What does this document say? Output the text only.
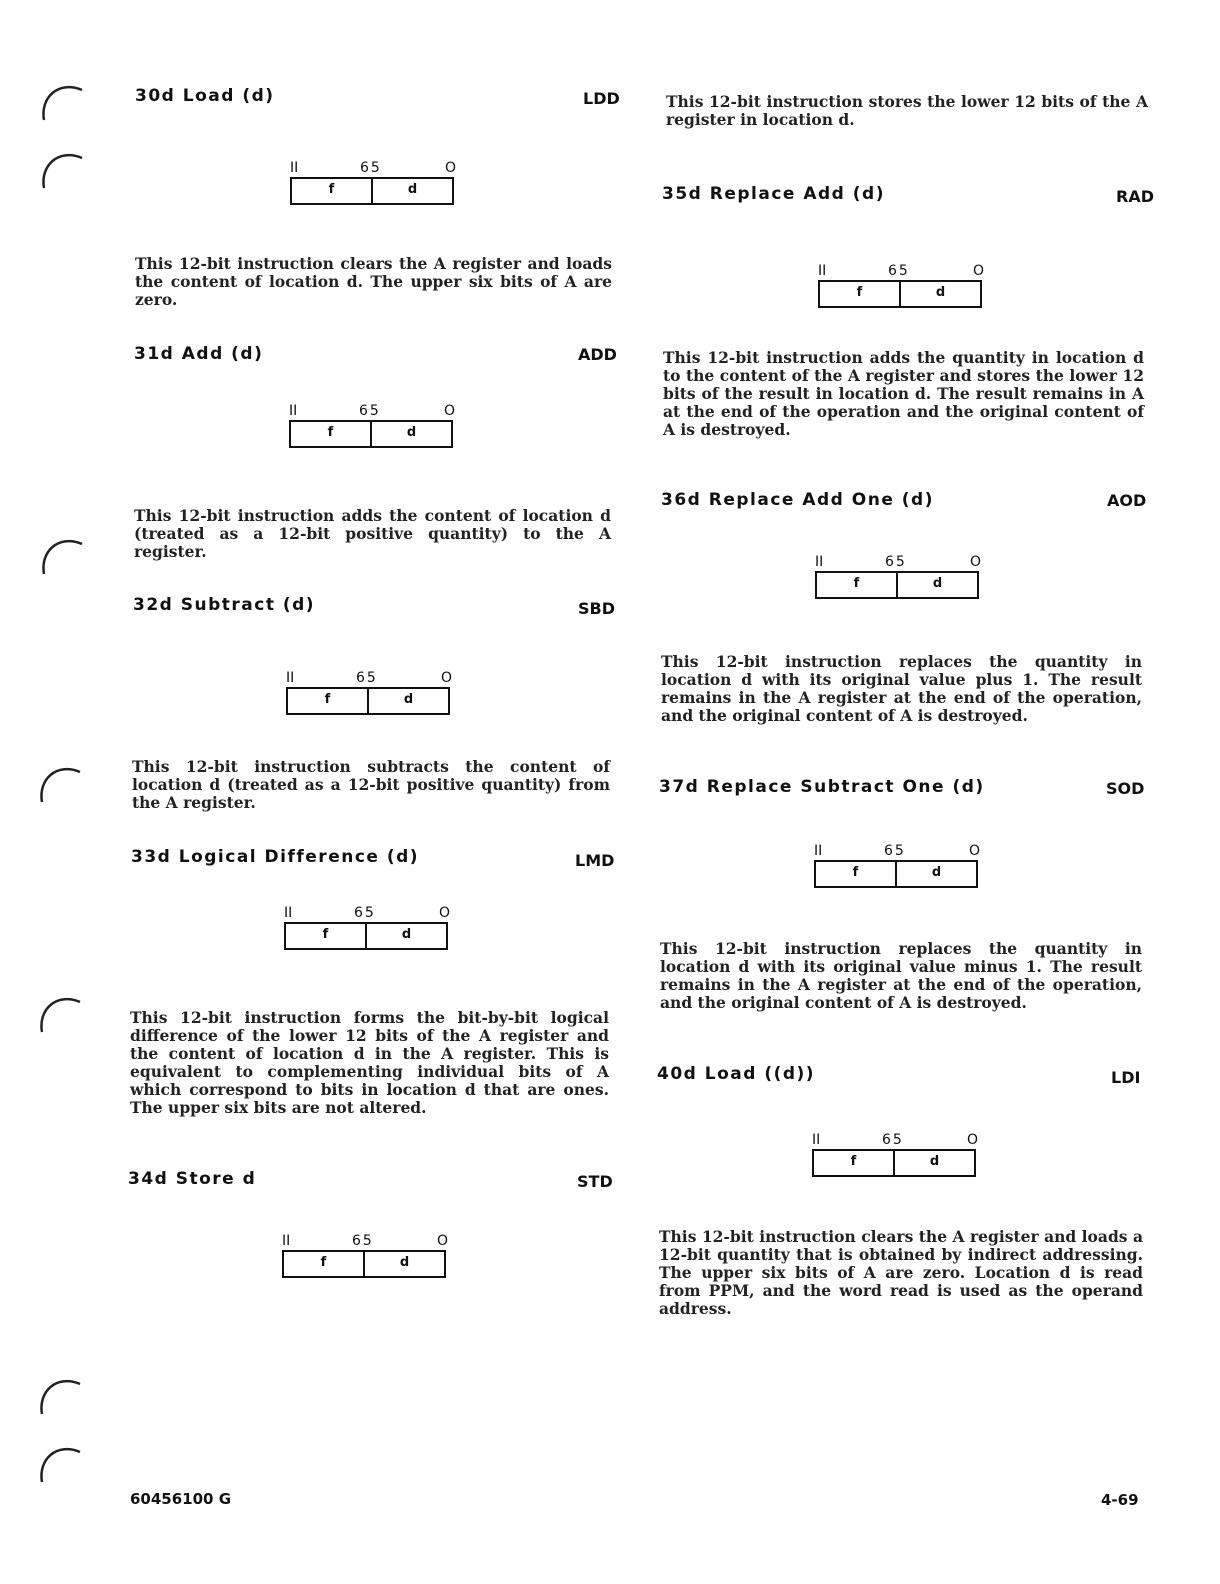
30d Load (d)	LDD
II	65	O
f	d
This 12-bit instruction clears the A register and loads the content of location d. The upper six bits of A are zero.
31d Add (d)	ADD
II	65	O
f	d
This 12-bit instruction adds the content of location d (treated as a 12-bit positive quantity) to the A register.
32d Subtract (d)	SBD
II	65	O
f	d
This 12-bit instruction subtracts the content of location d (treated as a 12-bit positive quantity) from the A register.
33d Logical Difference (d)	LMD
II	65	O
f	d
This 12-bit instruction forms the bit-by-bit logical difference of the lower 12 bits of the A register and the content of location d in the A register. This is equivalent to complementing individual bits of A which correspond to bits in location d that are ones. The upper six bits are not altered.
34d Store d	STD
II	65	O
f	d
This 12-bit instruction stores the lower 12 bits of the A register in location d.
35d Replace Add (d)	RAD
II	65	O
f	d
This 12-bit instruction adds the quantity in location d to the content of the A register and stores the lower 12 bits of the result in location d. The result remains in A at the end of the operation and the original content of A is destroyed.
36d Replace Add One (d)	AOD
II	65	O
f	d
This 12-bit instruction replaces the quantity in location d with its original value plus 1. The result remains in the A register at the end of the operation, and the original content of A is destroyed.
37d Replace Subtract One (d)	SOD
II	65	O
f	d
This 12-bit instruction replaces the quantity in location d with its original value minus 1. The result remains in the A register at the end of the operation, and the original content of A is destroyed.
40d Load ((d))	LDI
II	65	O
f	d
This 12-bit instruction clears the A register and loads a 12-bit quantity that is obtained by indirect addressing. The upper six bits of A are zero. Location d is read from PPM, and the word read is used as the operand address.
60456100 G	4-69
